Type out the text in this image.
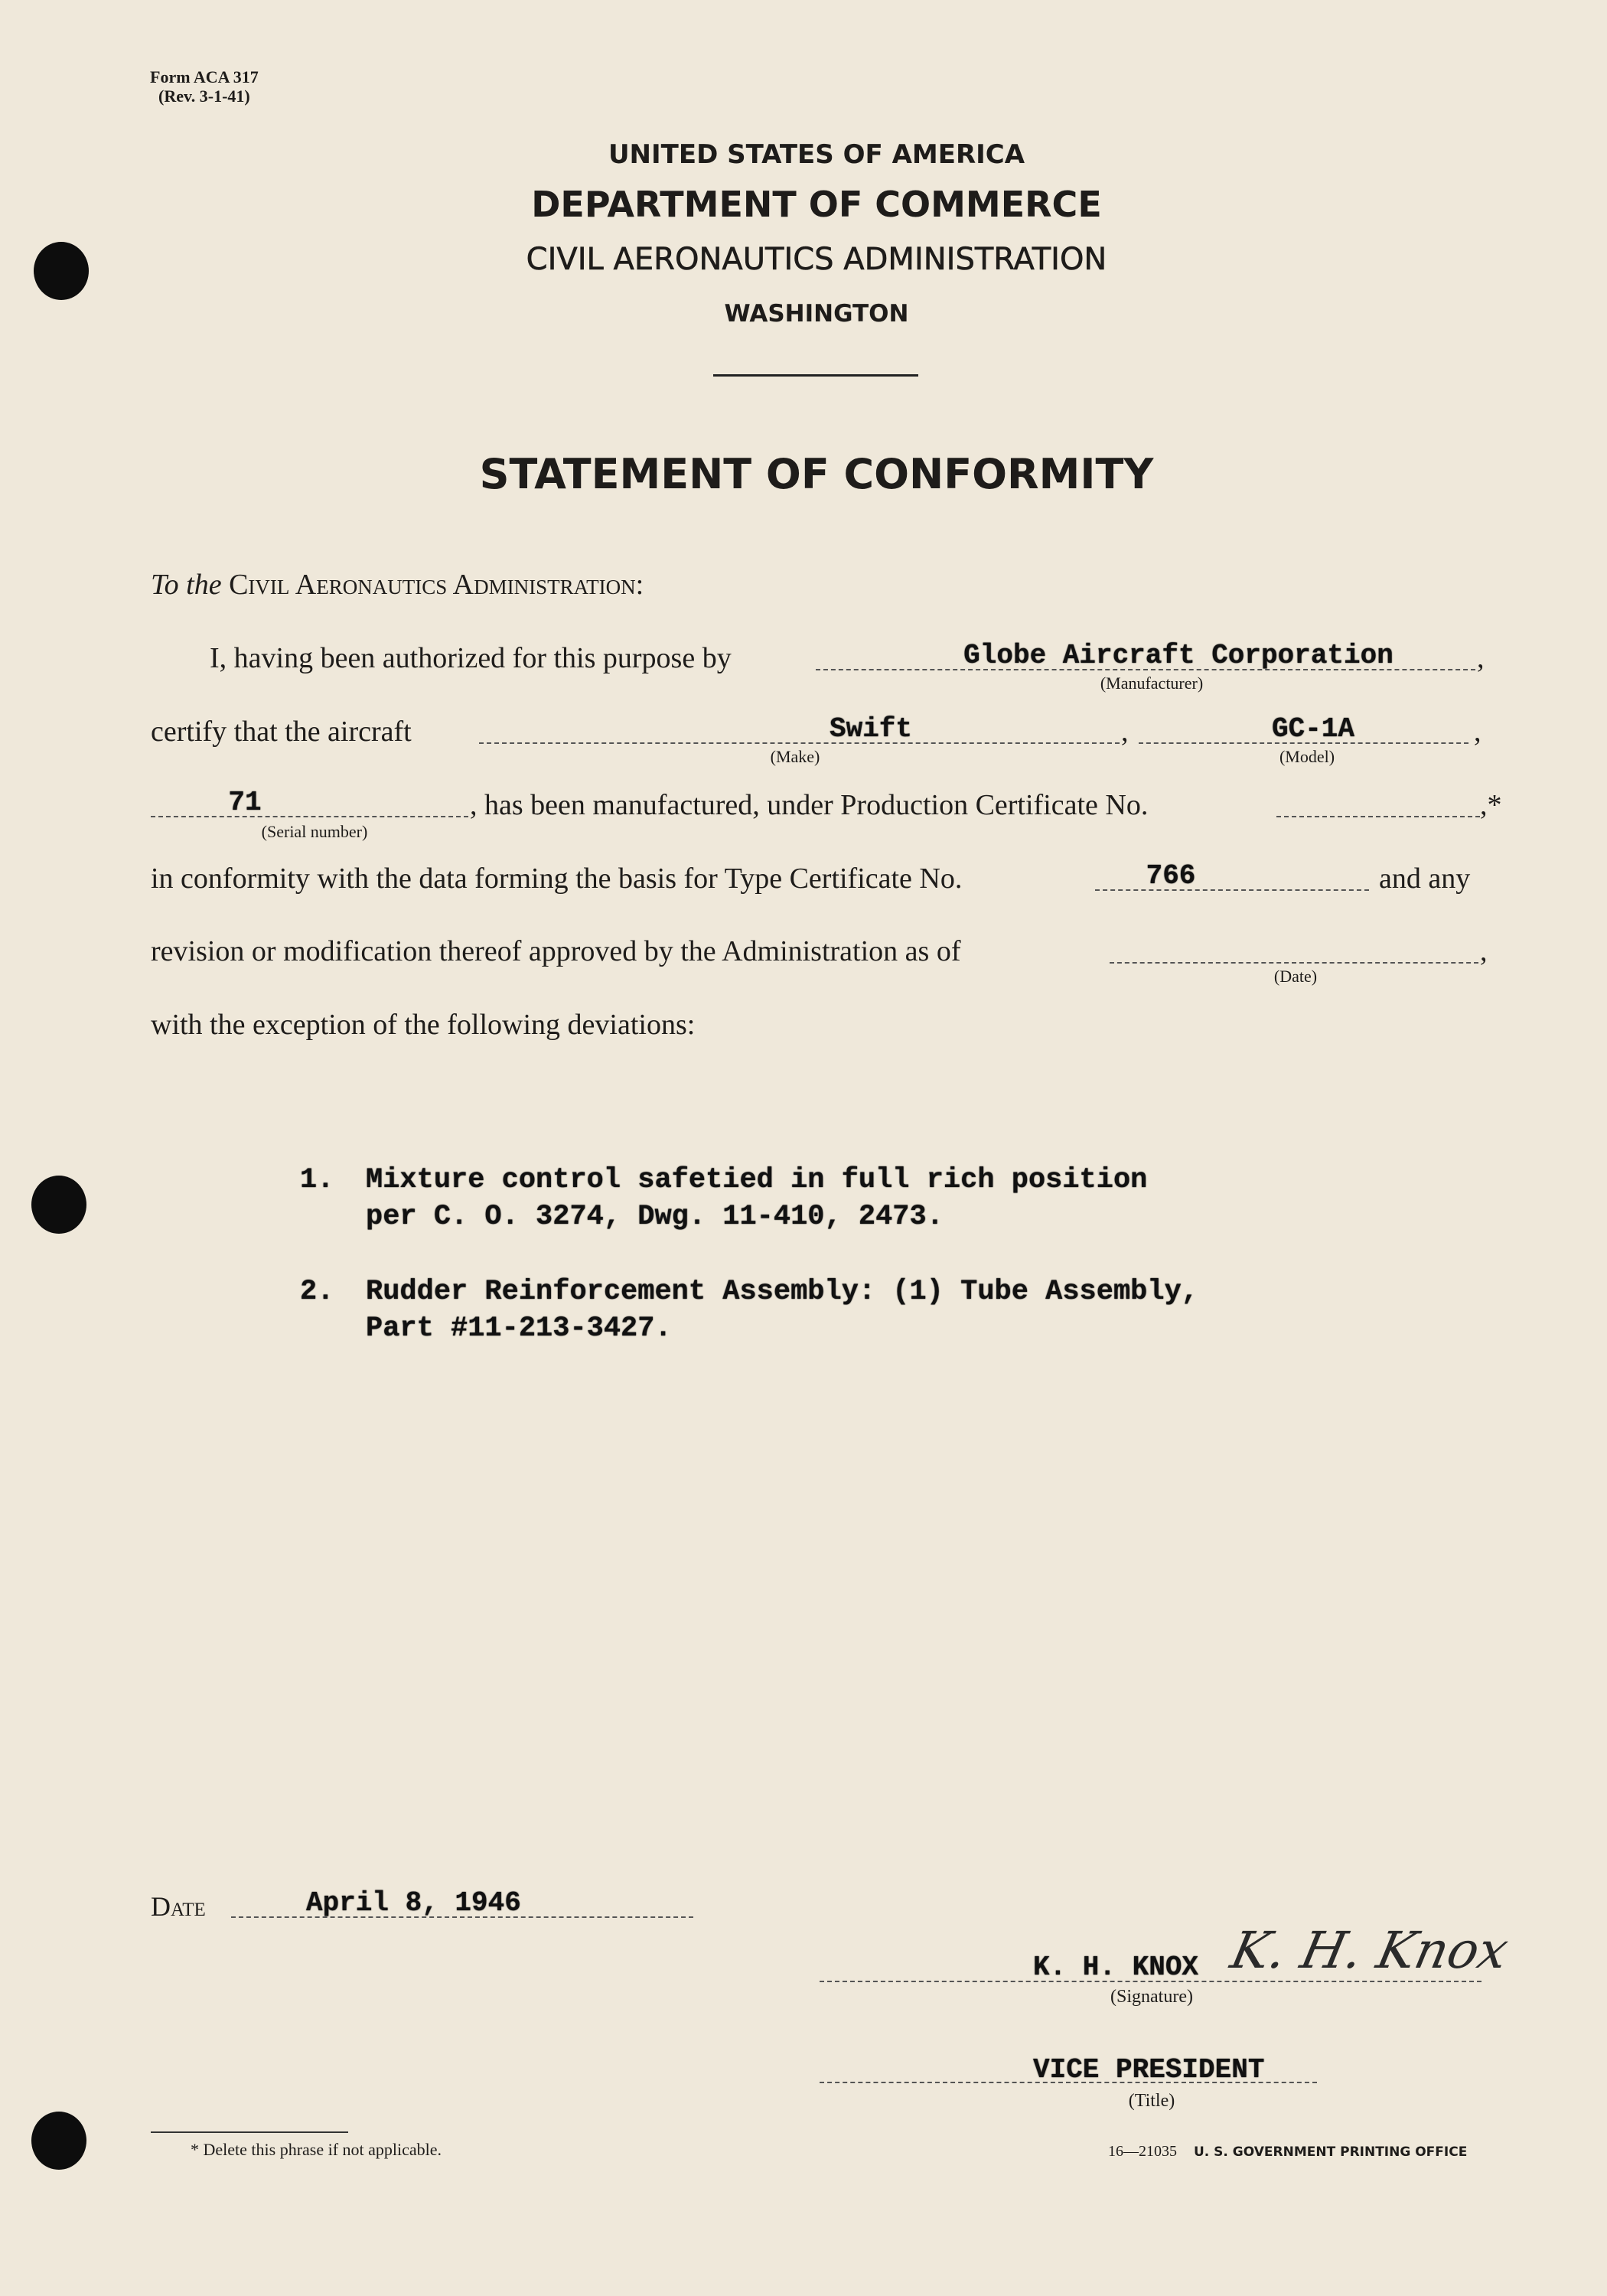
Form ACA 317
(Rev. 3-1-41)
UNITED STATES OF AMERICA
DEPARTMENT OF COMMERCE
CIVIL AERONAUTICS ADMINISTRATION
WASHINGTON
STATEMENT OF CONFORMITY
To the Civil Aeronautics Administration:
I, having been authorized for this purpose by	Globe Aircraft Corporation	,
(Manufacturer)
certify that the aircraft	Swift	,	GC-1A	,
(Make)	(Model)
71	, has been manufactured, under Production Certificate No.	,*
(Serial number)
in conformity with the data forming the basis for Type Certificate No.	766	and any
revision or modification thereof approved by the Administration as of	,
(Date)
with the exception of the following deviations:
1. Mixture control safetied in full rich position
per C. O. 3274, Dwg. 11-410, 2473.
2. Rudder Reinforcement Assembly: (1) Tube Assembly,
Part #11-213-3427.
Date	April 8, 1946
K. H. KNOX K. H. Knox
(Signature)
VICE PRESIDENT
(Title)
* Delete this phrase if not applicable.	16—21035 U. S. GOVERNMENT PRINTING OFFICE
